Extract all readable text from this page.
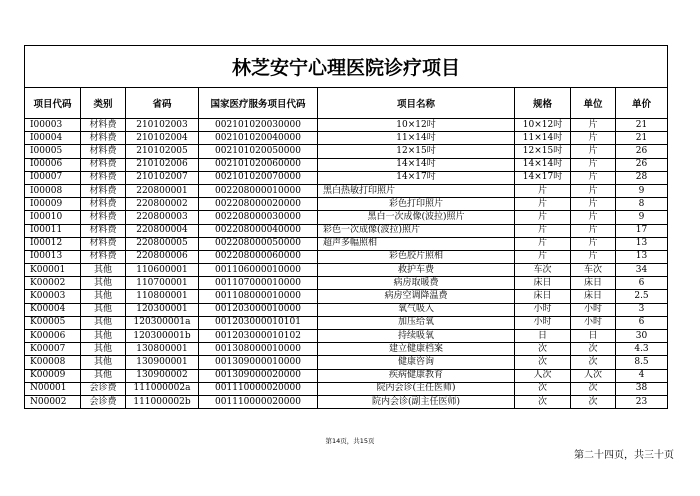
林芝安宁心理医院诊疗项目							
项目代码	类别	省码	国家医疗服务项目代码	项目名称	规格	单位	单价
I00003	材料费	210102003	002101020030000	10×12吋	10×12吋	片	21
I00004	材料费	210102004	002101020040000	11×14吋	11×14吋	片	21
I00005	材料费	210102005	002101020050000	12×15吋	12×15吋	片	26
I00006	材料费	210102006	002101020060000	14×14吋	14×14吋	片	26
I00007	材料费	210102007	002101020070000	14×17吋	14×17吋	片	28
I00008	材料费	220800001	002208000010000	黑白热敏打印照片	片	片	9
I00009	材料费	220800002	002208000020000	彩色打印照片	片	片	8
I00010	材料费	220800003	002208000030000	黑白一次成像(波拉)照片	片	片	9
I00011	材料费	220800004	002208000040000	彩色一次成像(波拉)照片	片	片	17
I00012	材料费	220800005	002208000050000	超声多幅照相	片	片	13
I00013	材料费	220800006	002208000060000	彩色胶片照相	片	片	13
K00001	其他	110600001	001106000010000	救护车费	车次	车次	34
K00002	其他	110700001	001107000010000	病房取暖费	床日	床日	6
K00003	其他	110800001	001108000010000	病房空调降温费	床日	床日	2.5
K00004	其他	120300001	001203000010000	氧气吸入	小时	小时	3
K00005	其他	120300001a	001203000010101	加压给氧	小时	小时	6
K00006	其他	120300001b	001203000010102	持续吸氧	日	日	30
K00007	其他	130800001	001308000010000	建立健康档案	次	次	4.3
K00008	其他	130900001	001309000010000	健康咨询	次	次	8.5
K00009	其他	130900002	001309000020000	疾病健康教育	人次	人次	4
N00001	会诊费	111000002a	001110000020000	院内会诊(主任医师)	次	次	38
N00002	会诊费	111000002b	001110000020000	院内会诊(副主任医师)	次	次	23
第14页，共15页
第二十四页，共三十页
